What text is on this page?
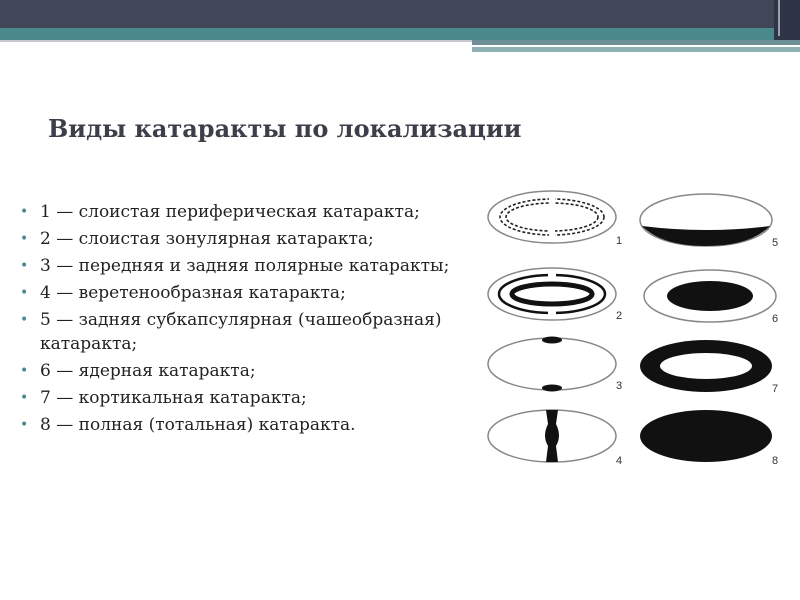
Виды катаракты по локализации
• 1 — слоистая периферическая катаракта;
• 2 — слоистая зонулярная катаракта;
• 3 — передняя и задняя полярные катаракты;
• 4 — веретенообразная катаракта;
• 5 — задняя субкапсулярная (чашеобразная) катаракта;
• 6 — ядерная катаракта;
• 7 — кортикальная катаракта;
• 8 — полная (тотальная) катаракта.
1
2
3
4
5
6
7
8
